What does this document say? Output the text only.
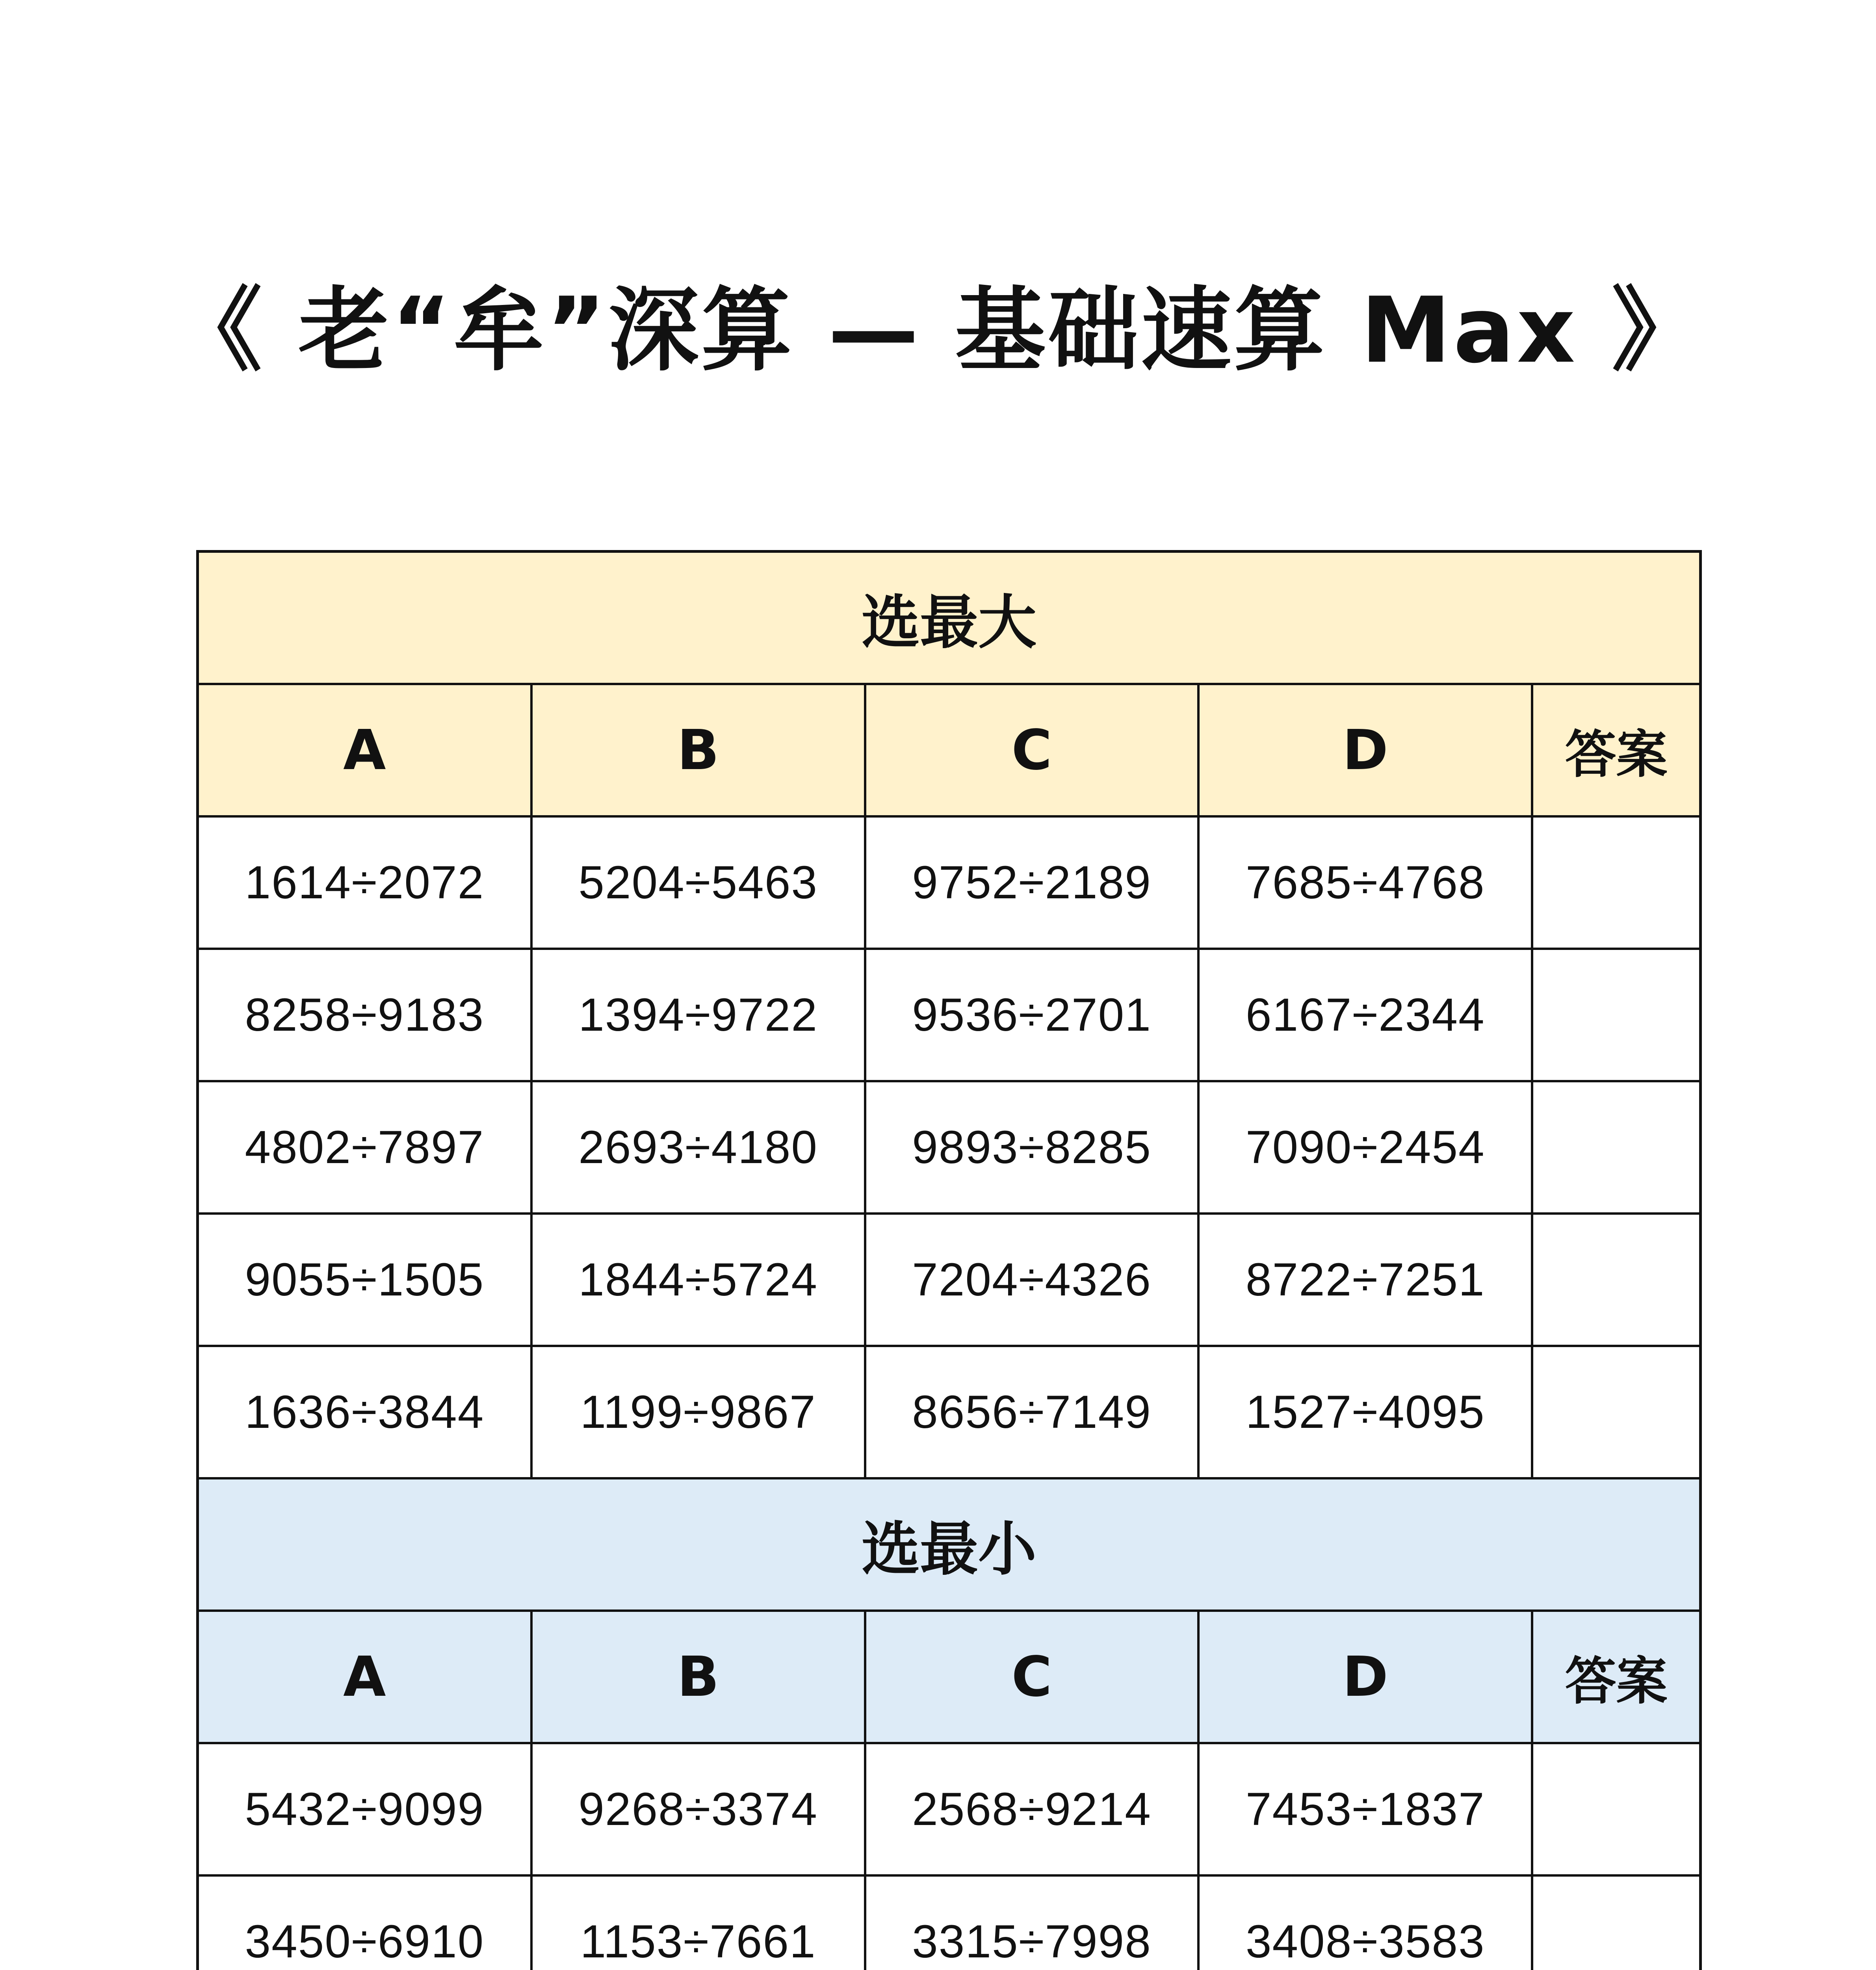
《 老“牟”深算 — 基础速算 Max 》
选最大
A	B	C	D	答案
1614÷2072	5204÷5463	9752÷2189	7685÷4768
8258÷9183	1394÷9722	9536÷2701	6167÷2344
4802÷7897	2693÷4180	9893÷8285	7090÷2454
9055÷1505	1844÷5724	7204÷4326	8722÷7251
1636÷3844	1199÷9867	8656÷7149	1527÷4095
选最小
A	B	C	D	答案
5432÷9099	9268÷3374	2568÷9214	7453÷1837
3450÷6910	1153÷7661	3315÷7998	3408÷3583
